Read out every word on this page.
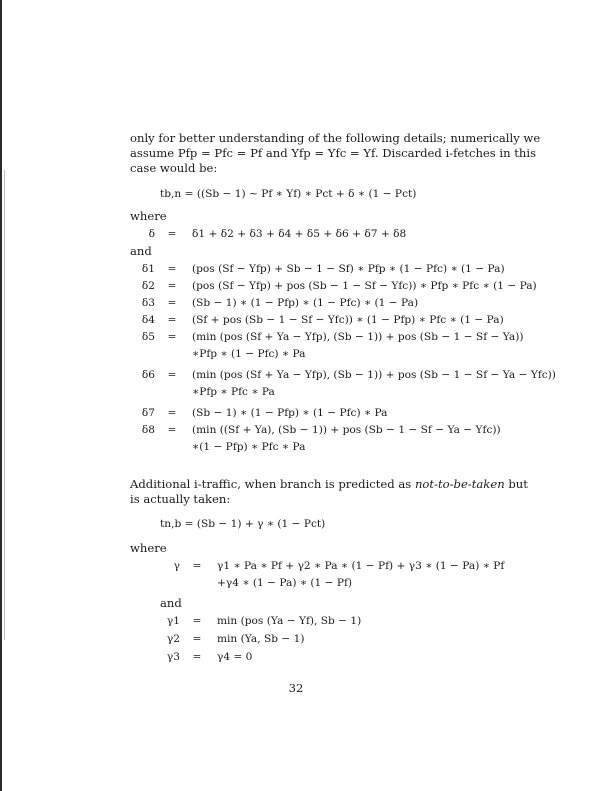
only for better understanding of the following details; numerically we
assume Pfp = Pfc = Pf and Yfp = Yfc = Yf. Discarded i-fetches in this
case would be:
tb,n = ((Sb − 1) ∼ Pf ∗ Yf) ∗ Pct + δ ∗ (1 − Pct)
where
δ	=	δ1 + δ2 + δ3 + δ4 + δ5 + δ6 + δ7 + δ8
and
δ1	=	(pos (Sf − Yfp) + Sb − 1 − Sf) ∗ Pfp ∗ (1 − Pfc) ∗ (1 − Pa)
δ2	=	(pos (Sf − Yfp) + pos (Sb − 1 − Sf − Yfc)) ∗ Pfp ∗ Pfc ∗ (1 − Pa)
δ3	=	(Sb − 1) ∗ (1 − Pfp) ∗ (1 − Pfc) ∗ (1 − Pa)
δ4	=	(Sf + pos (Sb − 1 − Sf − Yfc)) ∗ (1 − Pfp) ∗ Pfc ∗ (1 − Pa)
δ5	=	(min (pos (Sf + Ya − Yfp), (Sb − 1)) + pos (Sb − 1 − Sf − Ya))
∗Pfp ∗ (1 − Pfc) ∗ Pa
δ6	=	(min (pos (Sf + Ya − Yfp), (Sb − 1)) + pos (Sb − 1 − Sf − Ya − Yfc))
∗Pfp ∗ Pfc ∗ Pa
δ7	=	(Sb − 1) ∗ (1 − Pfp) ∗ (1 − Pfc) ∗ Pa
δ8	=	(min ((Sf + Ya), (Sb − 1)) + pos (Sb − 1 − Sf − Ya − Yfc))
∗(1 − Pfp) ∗ Pfc ∗ Pa
Additional i-traffic, when branch is predicted as not-to-be-taken but
is actually taken:
tn,b = (Sb − 1) + γ ∗ (1 − Pct)
where
γ	=	γ1 ∗ Pa ∗ Pf + γ2 ∗ Pa ∗ (1 − Pf) + γ3 ∗ (1 − Pa) ∗ Pf
+γ4 ∗ (1 − Pa) ∗ (1 − Pf)
and
γ1	=	min (pos (Ya − Yf), Sb − 1)
γ2	=	min (Ya, Sb − 1)
γ3	=	γ4 = 0
32
